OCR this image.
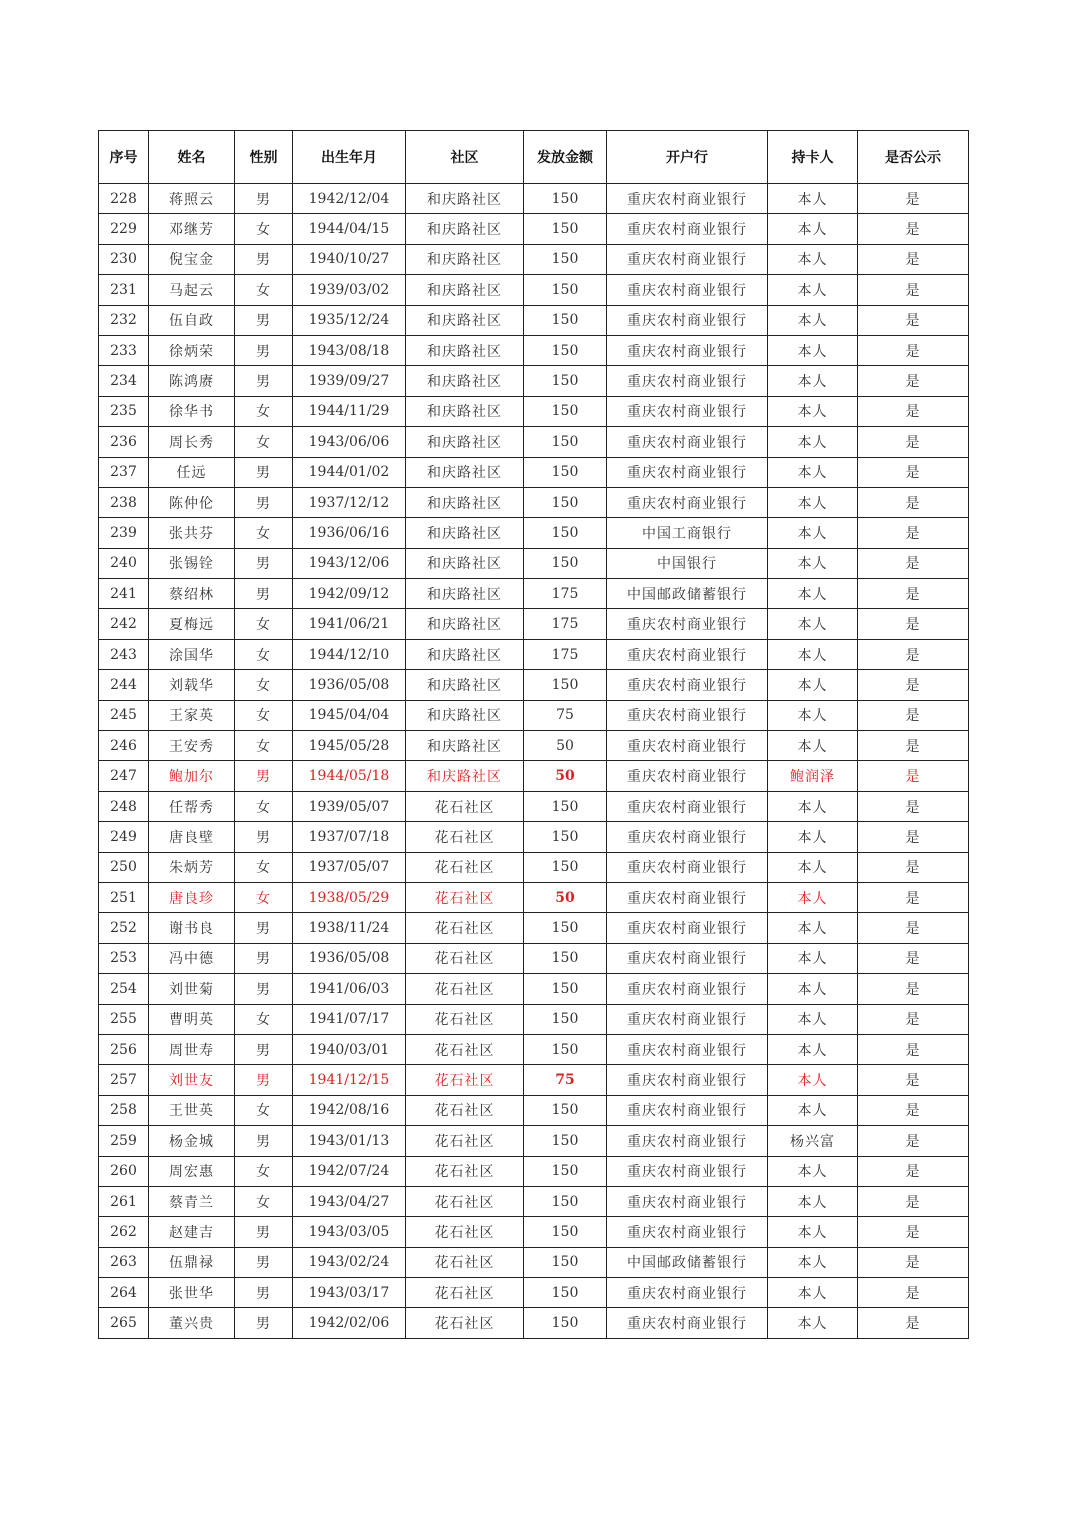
序号	姓名	性别	出生年月	社区	发放金额	开户行	持卡人	是否公示
228	蒋照云	男	1942/12/04	和庆路社区	150	重庆农村商业银行	本人	是
229	邓继芳	女	1944/04/15	和庆路社区	150	重庆农村商业银行	本人	是
230	倪宝金	男	1940/10/27	和庆路社区	150	重庆农村商业银行	本人	是
231	马起云	女	1939/03/02	和庆路社区	150	重庆农村商业银行	本人	是
232	伍自政	男	1935/12/24	和庆路社区	150	重庆农村商业银行	本人	是
233	徐炳荣	男	1943/08/18	和庆路社区	150	重庆农村商业银行	本人	是
234	陈鸿赓	男	1939/09/27	和庆路社区	150	重庆农村商业银行	本人	是
235	徐华书	女	1944/11/29	和庆路社区	150	重庆农村商业银行	本人	是
236	周长秀	女	1943/06/06	和庆路社区	150	重庆农村商业银行	本人	是
237	任远	男	1944/01/02	和庆路社区	150	重庆农村商业银行	本人	是
238	陈仲伦	男	1937/12/12	和庆路社区	150	重庆农村商业银行	本人	是
239	张共芬	女	1936/06/16	和庆路社区	150	中国工商银行	本人	是
240	张锡铨	男	1943/12/06	和庆路社区	150	中国银行	本人	是
241	蔡绍林	男	1942/09/12	和庆路社区	175	中国邮政储蓄银行	本人	是
242	夏梅远	女	1941/06/21	和庆路社区	175	重庆农村商业银行	本人	是
243	涂国华	女	1944/12/10	和庆路社区	175	重庆农村商业银行	本人	是
244	刘载华	女	1936/05/08	和庆路社区	150	重庆农村商业银行	本人	是
245	王家英	女	1945/04/04	和庆路社区	75	重庆农村商业银行	本人	是
246	王安秀	女	1945/05/28	和庆路社区	50	重庆农村商业银行	本人	是
247	鲍加尔	男	1944/05/18	和庆路社区	50	重庆农村商业银行	鲍润泽	是
248	任帮秀	女	1939/05/07	花石社区	150	重庆农村商业银行	本人	是
249	唐良壁	男	1937/07/18	花石社区	150	重庆农村商业银行	本人	是
250	朱炳芳	女	1937/05/07	花石社区	150	重庆农村商业银行	本人	是
251	唐良珍	女	1938/05/29	花石社区	50	重庆农村商业银行	本人	是
252	谢书良	男	1938/11/24	花石社区	150	重庆农村商业银行	本人	是
253	冯中德	男	1936/05/08	花石社区	150	重庆农村商业银行	本人	是
254	刘世菊	男	1941/06/03	花石社区	150	重庆农村商业银行	本人	是
255	曹明英	女	1941/07/17	花石社区	150	重庆农村商业银行	本人	是
256	周世寿	男	1940/03/01	花石社区	150	重庆农村商业银行	本人	是
257	刘世友	男	1941/12/15	花石社区	75	重庆农村商业银行	本人	是
258	王世英	女	1942/08/16	花石社区	150	重庆农村商业银行	本人	是
259	杨金城	男	1943/01/13	花石社区	150	重庆农村商业银行	杨兴富	是
260	周宏惠	女	1942/07/24	花石社区	150	重庆农村商业银行	本人	是
261	蔡青兰	女	1943/04/27	花石社区	150	重庆农村商业银行	本人	是
262	赵建吉	男	1943/03/05	花石社区	150	重庆农村商业银行	本人	是
263	伍鼎禄	男	1943/02/24	花石社区	150	中国邮政储蓄银行	本人	是
264	张世华	男	1943/03/17	花石社区	150	重庆农村商业银行	本人	是
265	董兴贵	男	1942/02/06	花石社区	150	重庆农村商业银行	本人	是
